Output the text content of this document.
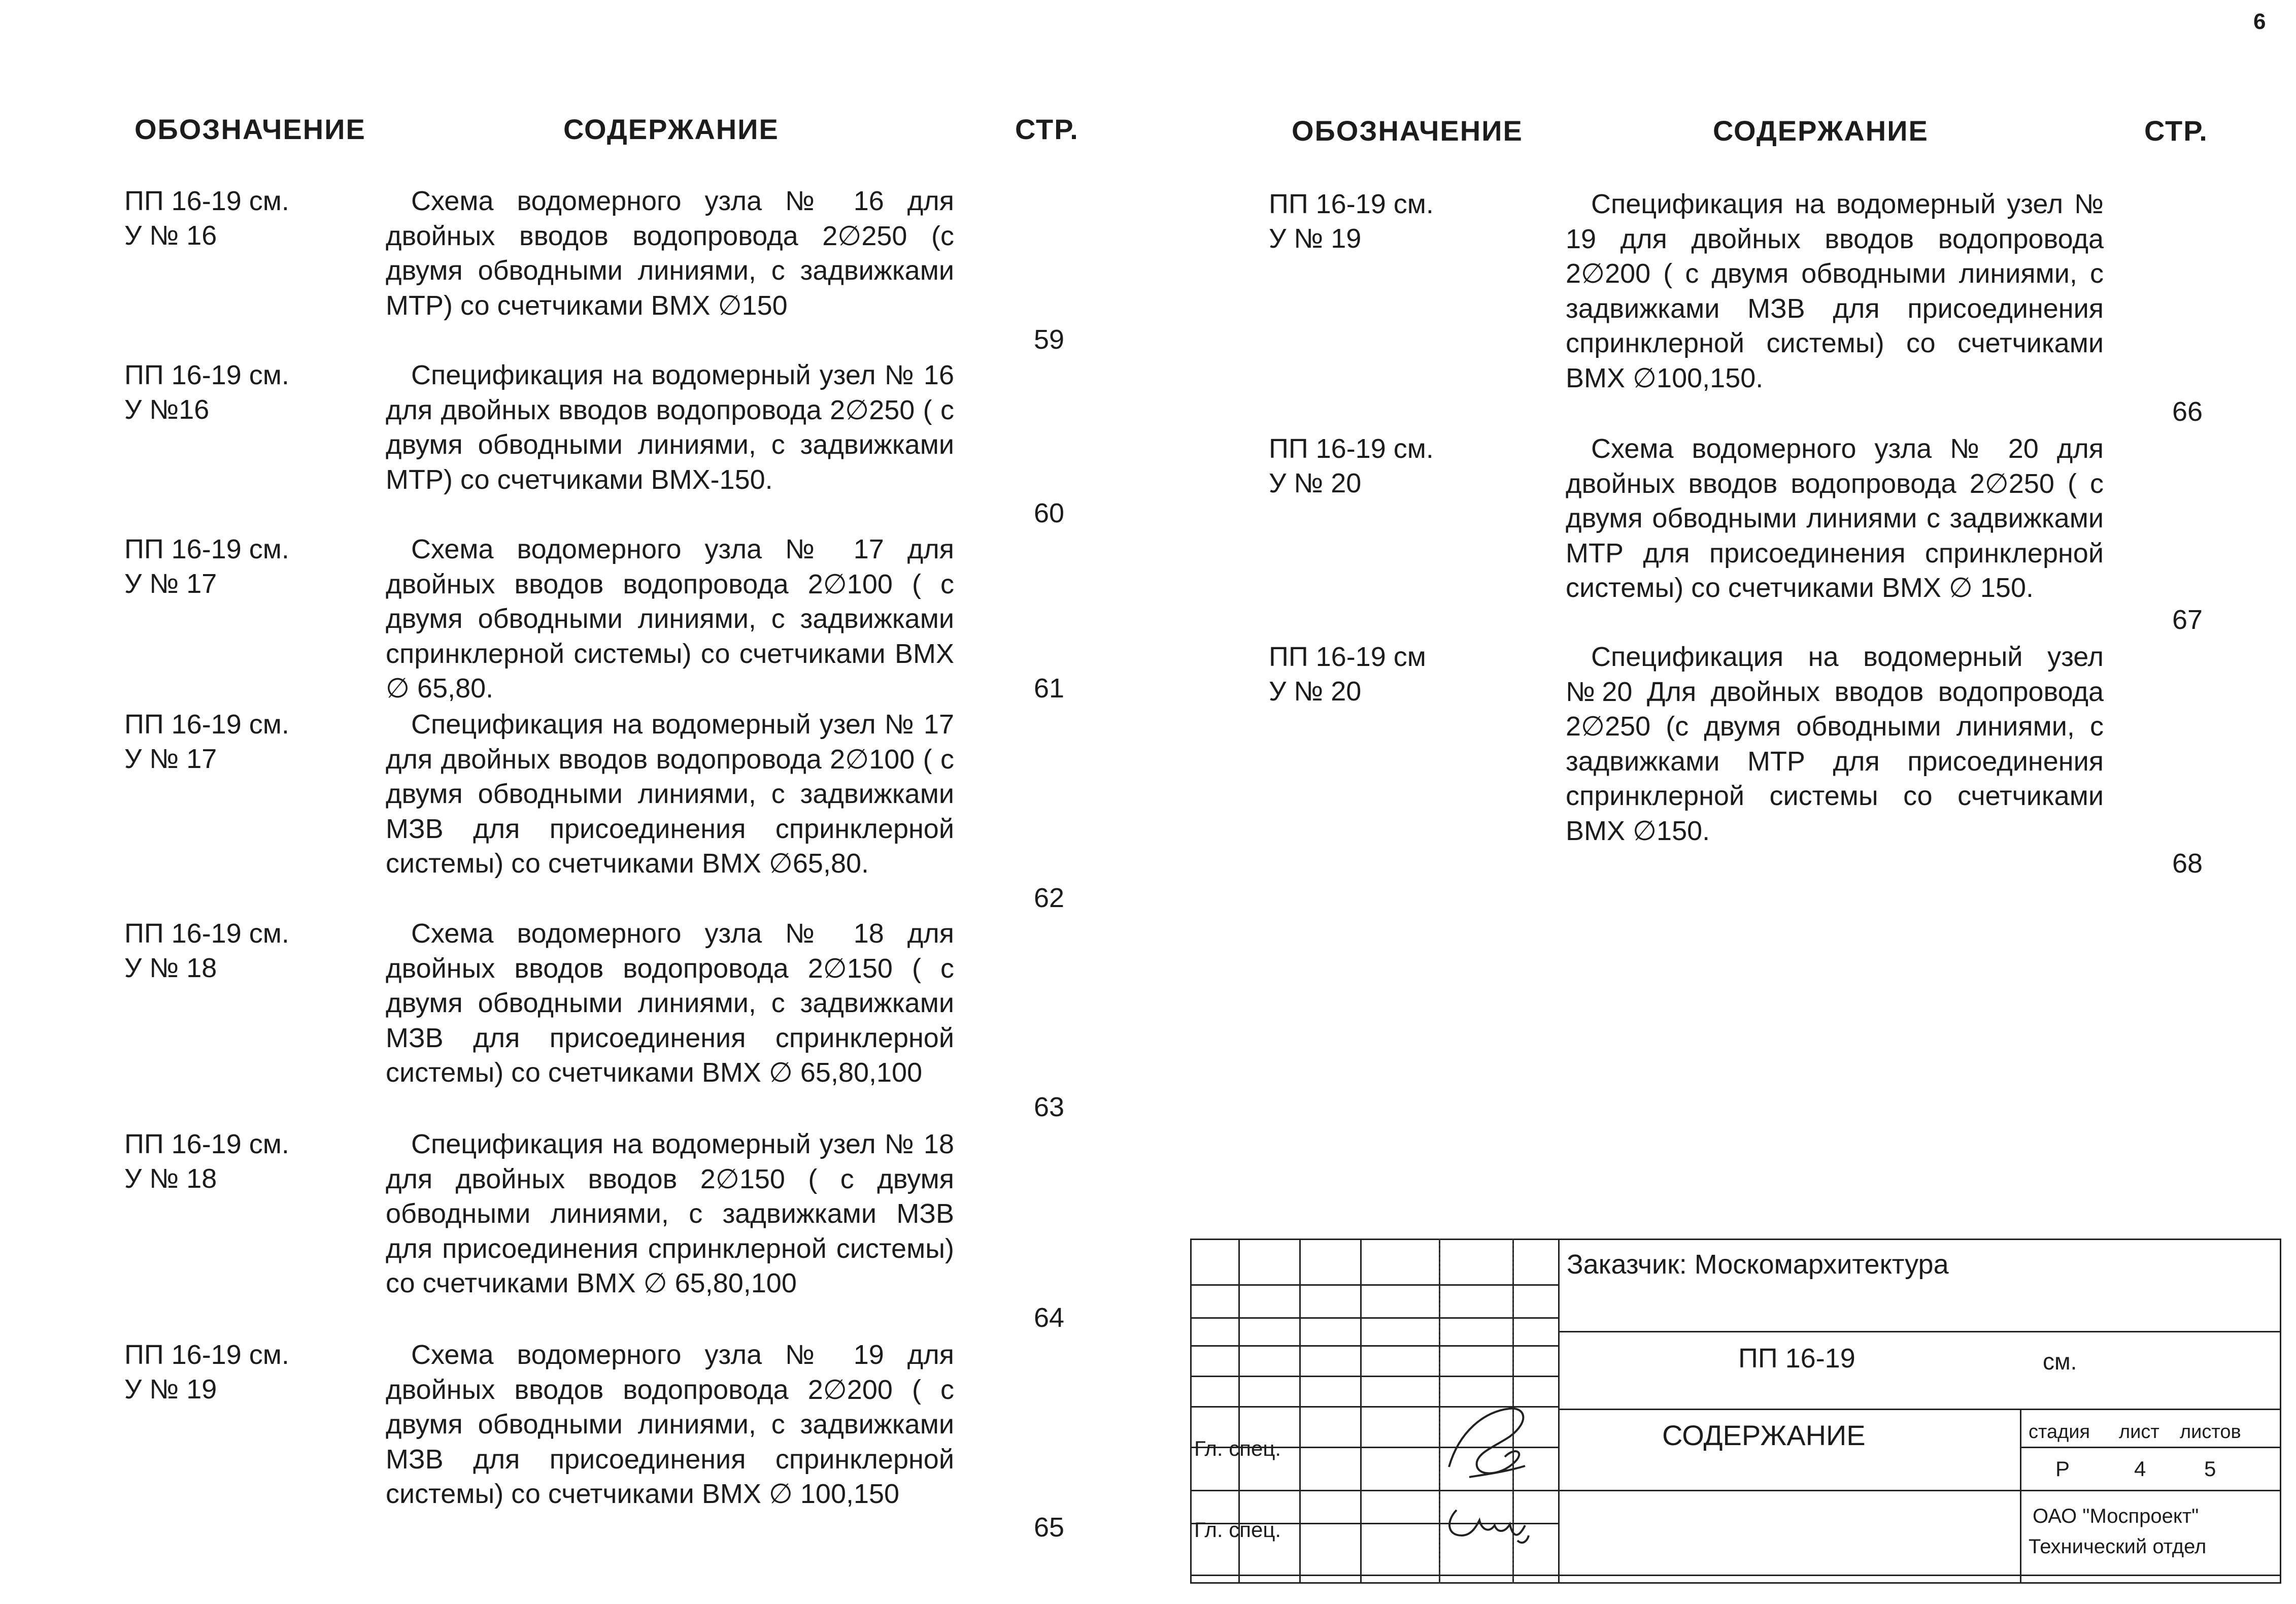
6
ОБОЗНАЧЕНИЕ	СОДЕРЖАНИЕ	СТР.	ОБОЗНАЧЕНИЕ	СОДЕРЖАНИЕ	СТР.
ПП 16-19 см.
У № 16
Схема водомерного узла № 16 для двойных вводов водопровода 2∅250 (с двумя обводными линиями, с задвижками МТР) со счетчиками ВМХ ∅150
59
ПП 16-19 см.
У №16
Спецификация на водомерный узел № 16 для двойных вводов водопровода 2∅250 ( с двумя обводными линиями, с задвижками МТР) со счетчиками ВМХ-150.
60
ПП 16-19 см.
У № 17
Схема водомерного узла № 17 для двойных вводов водопровода 2∅100 ( с двумя обводными линиями, с задвижками спринклерной системы) со счетчиками ВМХ ∅ 65,80.	61
ПП 16-19 см.
У № 17
Спецификация на водомерный узел № 17 для двойных вводов водопровода 2∅100 ( с двумя обводными линиями, с задвижками МЗВ для присоединения спринклерной системы) со счетчиками ВМХ ∅65,80.
62
ПП 16-19 см.
У № 18
Схема водомерного узла № 18 для двойных вводов водопровода 2∅150 ( с двумя обводными линиями, с задвижками МЗВ для присоединения спринклерной системы) со счетчиками ВМХ ∅ 65,80,100
63
ПП 16-19 см.
У № 18
Спецификация на водомерный узел № 18 для двойных вводов 2∅150 ( с двумя обводными линиями, с задвижками МЗВ для присоединения спринклерной системы) со счетчиками ВМХ ∅ 65,80,100
64
ПП 16-19 см.
У № 19
Схема водомерного узла № 19 для двойных вводов водопровода 2∅200 ( с двумя обводными линиями, с задвижками МЗВ для присоединения спринклерной системы) со счетчиками ВМХ ∅ 100,150
65
ПП 16-19 см.
У № 19
Спецификация на водомерный узел № 19 для двойных вводов водопровода 2∅200 ( с двумя обводными линиями, с задвижками МЗВ для присоединения спринклерной системы) со счетчиками ВМХ ∅100,150.
66
ПП 16-19 см.
У № 20
Схема водомерного узла № 20 для двойных вводов водопровода 2∅250 ( с двумя обводными линиями с задвижками МТР для присоединения спринклерной системы) со счетчиками ВМХ ∅ 150.
67
ПП 16-19 см
У № 20
Спецификация на водомерный узел №20 Для двойных вводов водопровода 2∅250 (с двумя обводными линиями, с задвижками МТР для присоединения спринклерной системы со счетчиками ВМХ ∅150.
68
Заказчик: Москомархитектура
ПП 16-19	см.
СОДЕРЖАНИЕ	стадия лист листов
Р	4	5
Гл. спец.
Гл. спец.
ОАО "Моспроект"
Технический отдел
